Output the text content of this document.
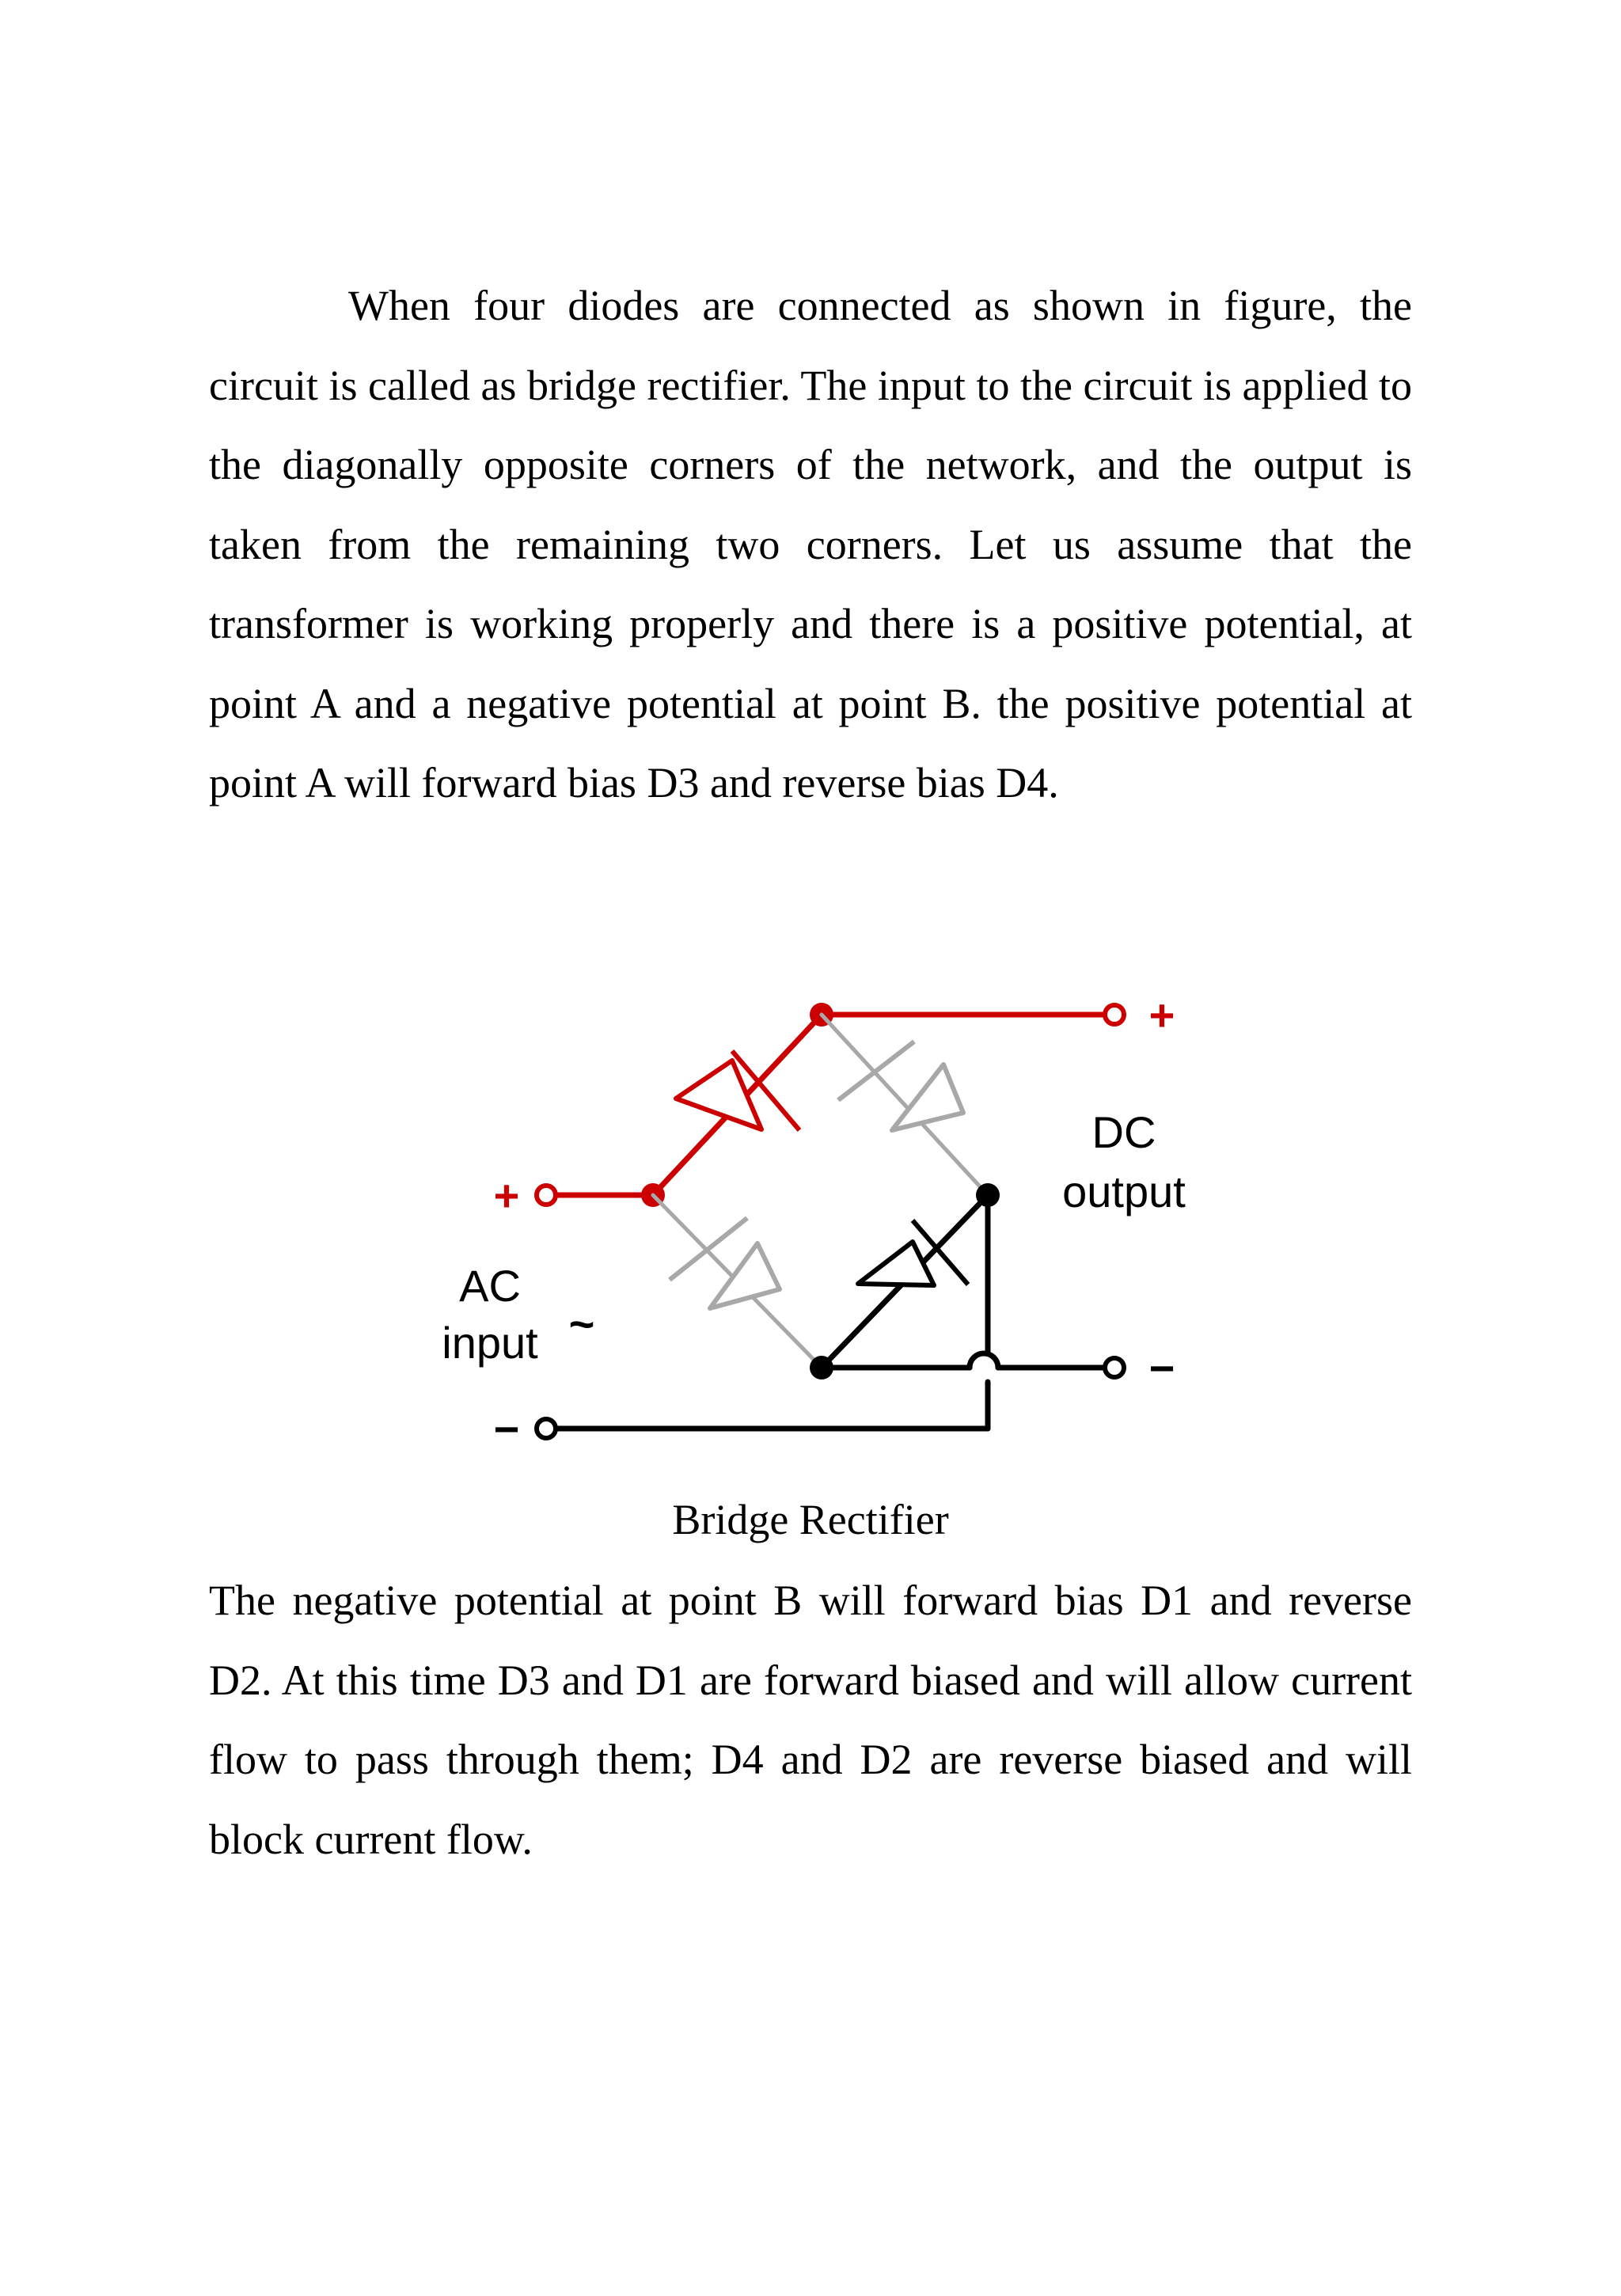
When four diodes are connected as shown in figure, the circuit is called as bridge rectifier. The input to the circuit is applied to the diagonally opposite corners of the network, and the output is taken from the remaining two corners. Let us assume that the transformer is working properly and there is a positive potential, at point A and a negative potential at point B. the positive potential at point A will forward bias D3 and reverse bias D4.

+
−
AC
input ~
+
−
DC
output

Bridge Rectifier

The negative potential at point B will forward bias D1 and reverse D2. At this time D3 and D1 are forward biased and will allow current flow to pass through them; D4 and D2 are reverse biased and will block current flow.
